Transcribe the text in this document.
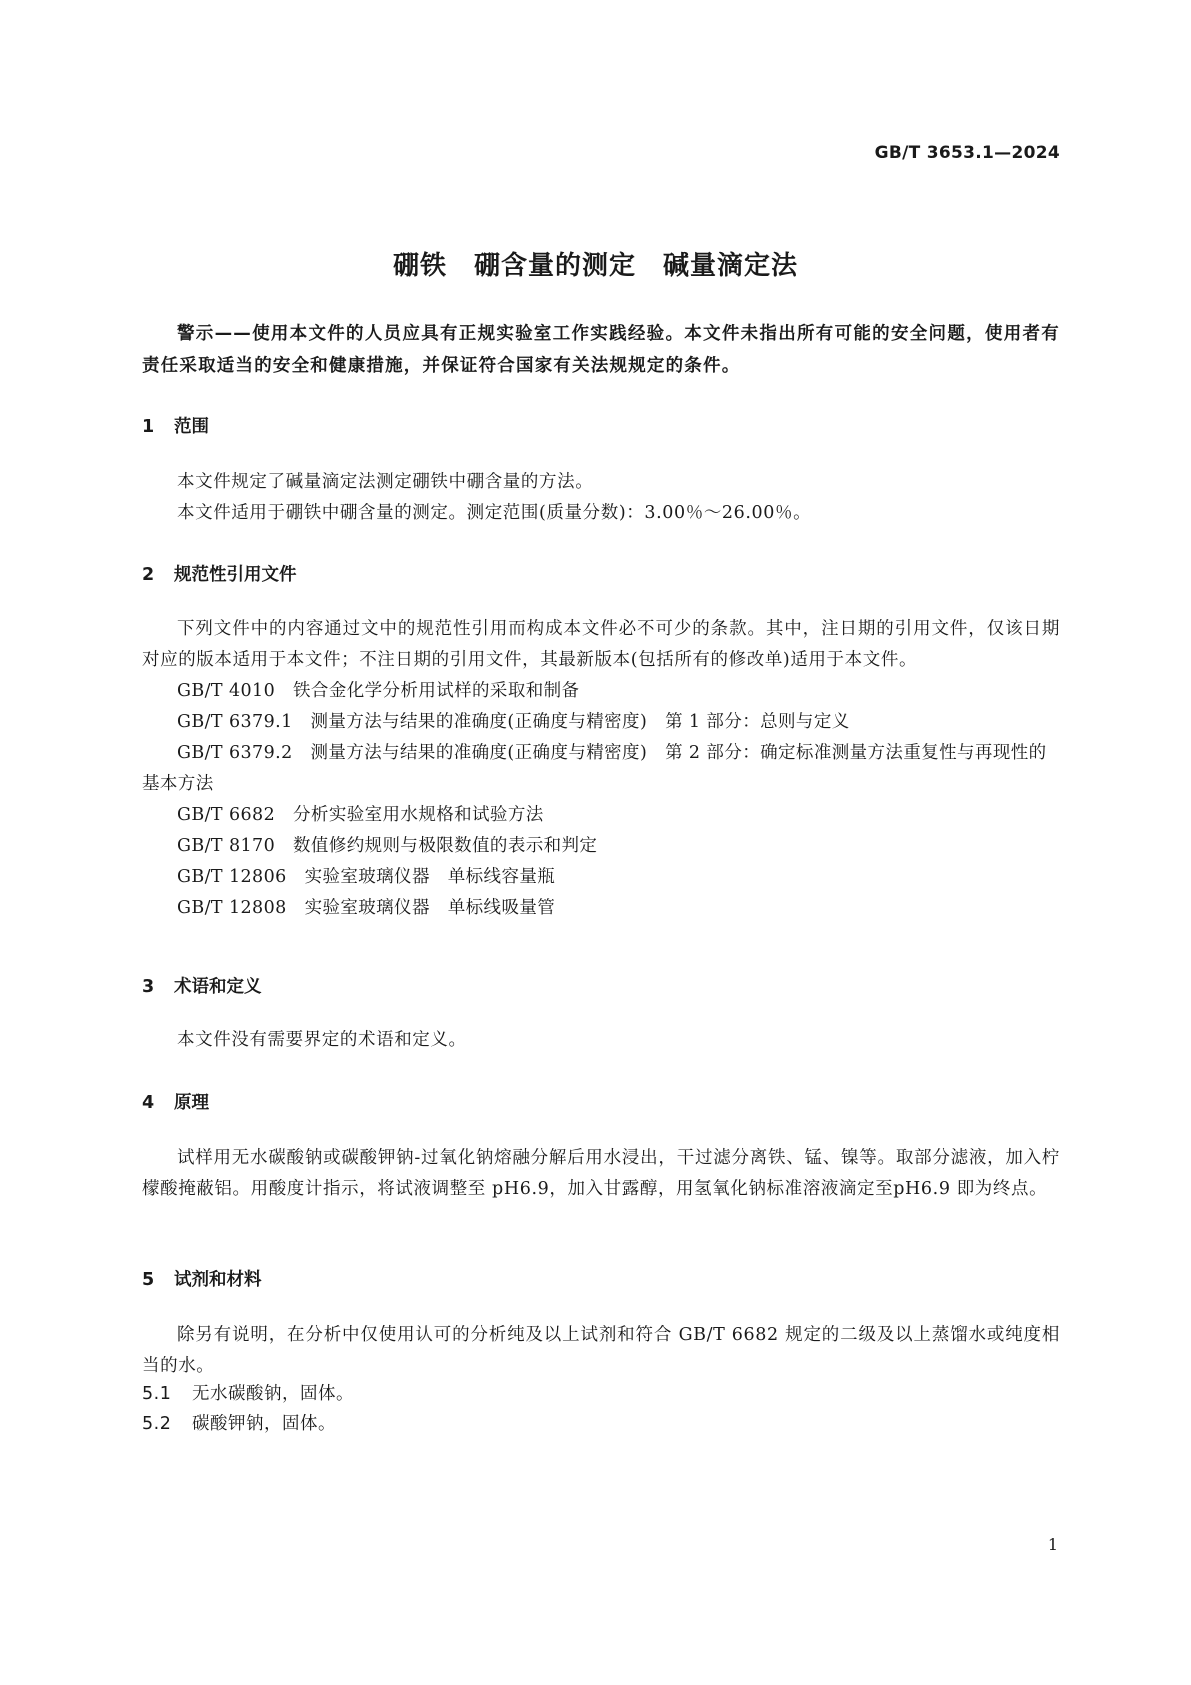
GB/T 3653.1—2024
硼铁　硼含量的测定　碱量滴定法

警示——使用本文件的人员应具有正规实验室工作实践经验。本文件未指出所有可能的安全问题，使用者有责任采取适当的安全和健康措施，并保证符合国家有关法规规定的条件。

1 范围

本文件规定了碱量滴定法测定硼铁中硼含量的方法。

本文件适用于硼铁中硼含量的测定。测定范围(质量分数)：3.00％～26.00％。

2 规范性引用文件

下列文件中的内容通过文中的规范性引用而构成本文件必不可少的条款。其中，注日期的引用文件，仅该日期对应的版本适用于本文件；不注日期的引用文件，其最新版本(包括所有的修改单)适用于本文件。

GB/T 4010　 铁合金化学分析用试样的采取和制备

GB/T 6379.1　 测量方法与结果的准确度(正确度与精密度)　第 1 部分：总则与定义

GB/T 6379.2　 测量方法与结果的准确度(正确度与精密度)　第 2 部分：确定标准测量方法重复性与再现性的基本方法

GB/T 6682　 分析实验室用水规格和试验方法

GB/T 8170　 数值修约规则与极限数值的表示和判定

GB/T 12806　 实验室玻璃仪器　单标线容量瓶

GB/T 12808　 实验室玻璃仪器　单标线吸量管

3 术语和定义

本文件没有需要界定的术语和定义。

4 原理

试样用无水碳酸钠或碳酸钾钠-过氧化钠熔融分解后用水浸出，干过滤分离铁、锰、镍等。取部分滤液，加入柠檬酸掩蔽铝。用酸度计指示，将试液调整至 pH6.9，加入甘露醇，用氢氧化钠标准溶液滴定至pH6.9 即为终点。

5 试剂和材料

除另有说明，在分析中仅使用认可的分析纯及以上试剂和符合 GB/T 6682 规定的二级及以上蒸馏水或纯度相当的水。

5.1 无水碳酸钠，固体。
5.2 碳酸钾钠，固体。
1
